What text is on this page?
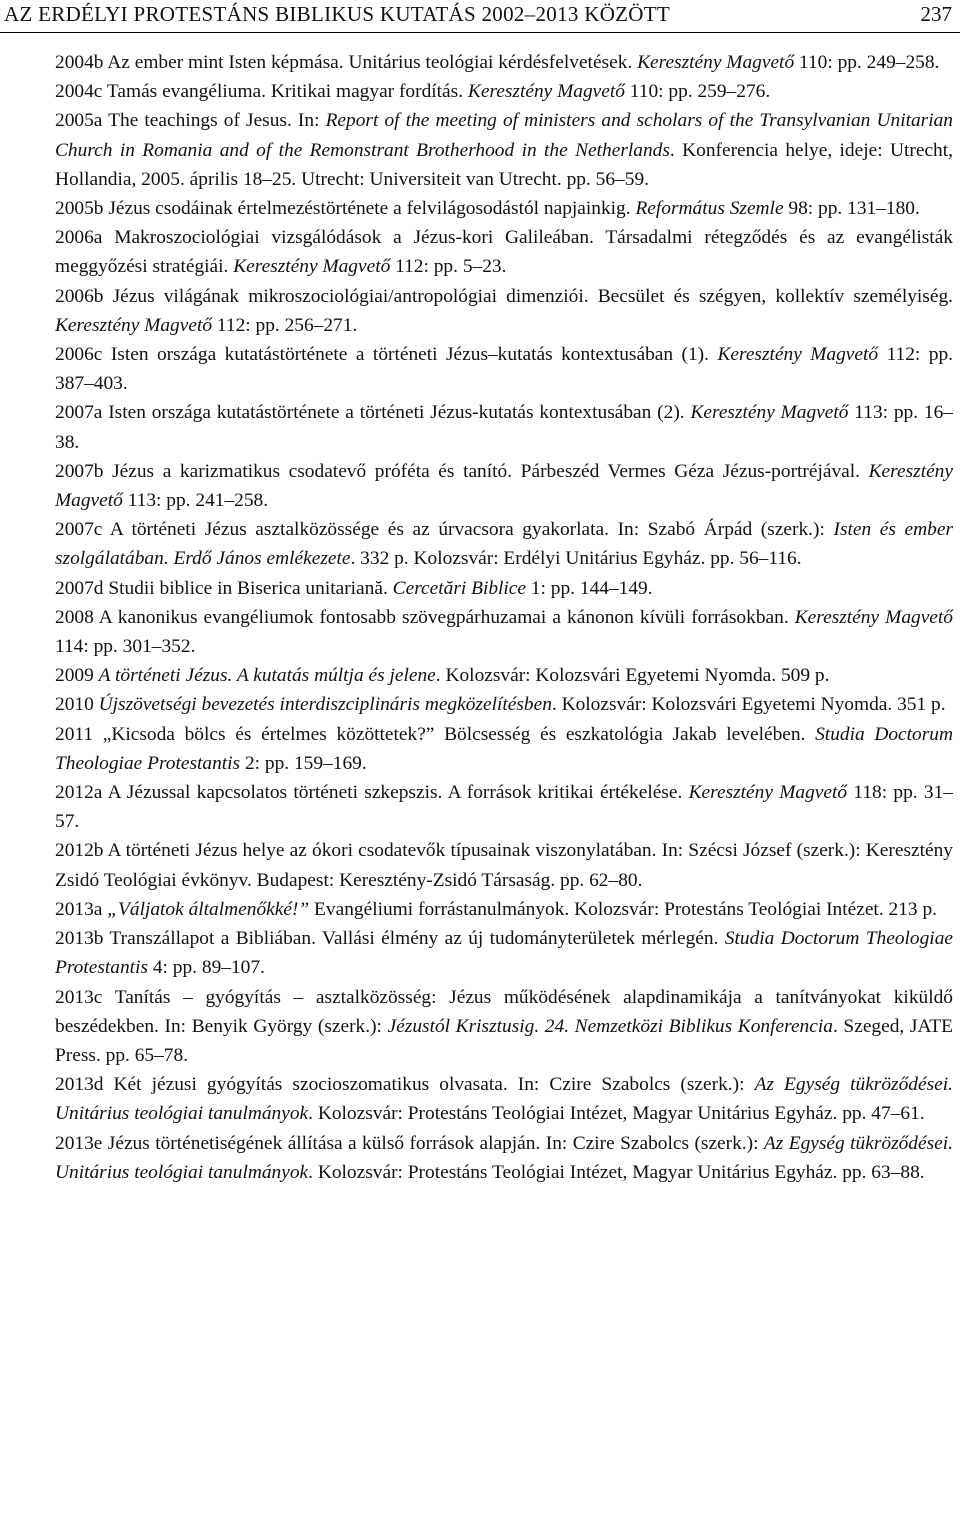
AZ ERDÉLYI PROTESTÁNS BIBLIKUS KUTATÁS 2002–2013 KÖZÖTT	237

2004b Az ember mint Isten képmása. Unitárius teológiai kérdésfelvetések. Keresztény Magvető 110: pp. 249–258.

2004c Tamás evangéliuma. Kritikai magyar fordítás. Keresztény Magvető 110: pp. 259–276.

2005a The teachings of Jesus. In: Report of the meeting of ministers and scholars of the Transylvanian Unitarian Church in Romania and of the Remonstrant Brotherhood in the Netherlands. Konferencia helye, ideje: Utrecht, Hollandia, 2005. április 18–25. Utrecht: Universiteit van Utrecht. pp. 56–59.

2005b Jézus csodáinak értelmezéstörténete a felvilágosodástól napjainkig. Református Szemle 98: pp. 131–180.

2006a Makroszociológiai vizsgálódások a Jézus-kori Galileában. Társadalmi rétegződés és az evangélisták meggyőzési stratégiái. Keresztény Magvető 112: pp. 5–23.

2006b Jézus világának mikroszociológiai/antropológiai dimenziói. Becsület és szégyen, kollektív személyiség. Keresztény Magvető 112: pp. 256–271.

2006c Isten országa kutatástörténete a történeti Jézus–kutatás kontextusában (1). Keresztény Magvető 112: pp. 387–403.

2007a Isten országa kutatástörténete a történeti Jézus-kutatás kontextusában (2). Keresztény Magvető 113: pp. 16–38.

2007b Jézus a karizmatikus csodatevő próféta és tanító. Párbeszéd Vermes Géza Jézus-portréjával. Keresztény Magvető 113: pp. 241–258.

2007c A történeti Jézus asztalközössége és az úrvacsora gyakorlata. In: Szabó Árpád (szerk.): Isten és ember szolgálatában. Erdő János emlékezete. 332 p. Kolozsvár: Erdélyi Unitárius Egyház. pp. 56–116.

2007d Studii biblice in Biserica unitariană. Cercetări Biblice 1: pp. 144–149.

2008 A kanonikus evangéliumok fontosabb szövegpárhuzamai a kánonon kívüli forrásokban. Keresztény Magvető 114: pp. 301–352.

2009 A történeti Jézus. A kutatás múltja és jelene. Kolozsvár: Kolozsvári Egyetemi Nyomda. 509 p.

2010 Újszövetségi bevezetés interdiszciplináris megközelítésben. Kolozsvár: Kolozsvári Egyetemi Nyomda. 351 p.

2011 „Kicsoda bölcs és értelmes közöttetek?” Bölcsesség és eszkatológia Jakab levelében. Studia Doctorum Theologiae Protestantis 2: pp. 159–169.

2012a A Jézussal kapcsolatos történeti szkepszis. A források kritikai értékelése. Keresztény Magvető 118: pp. 31–57.

2012b A történeti Jézus helye az ókori csodatevők típusainak viszonylatában. In: Szécsi József (szerk.): Keresztény Zsidó Teológiai évkönyv. Budapest: Keresztény-Zsidó Társaság. pp. 62–80.

2013a „Váljatok általmenőkké!” Evangéliumi forrástanulmányok. Kolozsvár: Protestáns Teológiai Intézet. 213 p.

2013b Transzállapot a Bibliában. Vallási élmény az új tudományterületek mérlegén. Studia Doctorum Theologiae Protestantis 4: pp. 89–107.

2013c Tanítás – gyógyítás – asztalközösség: Jézus működésének alapdinamikája a tanítványokat kiküldő beszédekben. In: Benyik György (szerk.): Jézustól Krisztusig. 24. Nemzetközi Biblikus Konferencia. Szeged, JATE Press. pp. 65–78.

2013d Két jézusi gyógyítás szocioszomatikus olvasata. In: Czire Szabolcs (szerk.): Az Egység tükröződései. Unitárius teológiai tanulmányok. Kolozsvár: Protestáns Teológiai Intézet, Magyar Unitárius Egyház. pp. 47–61.

2013e Jézus történetiségének állítása a külső források alapján. In: Czire Szabolcs (szerk.): Az Egység tükröződései. Unitárius teológiai tanulmányok. Kolozsvár: Protestáns Teológiai Intézet, Magyar Unitárius Egyház. pp. 63–88.
